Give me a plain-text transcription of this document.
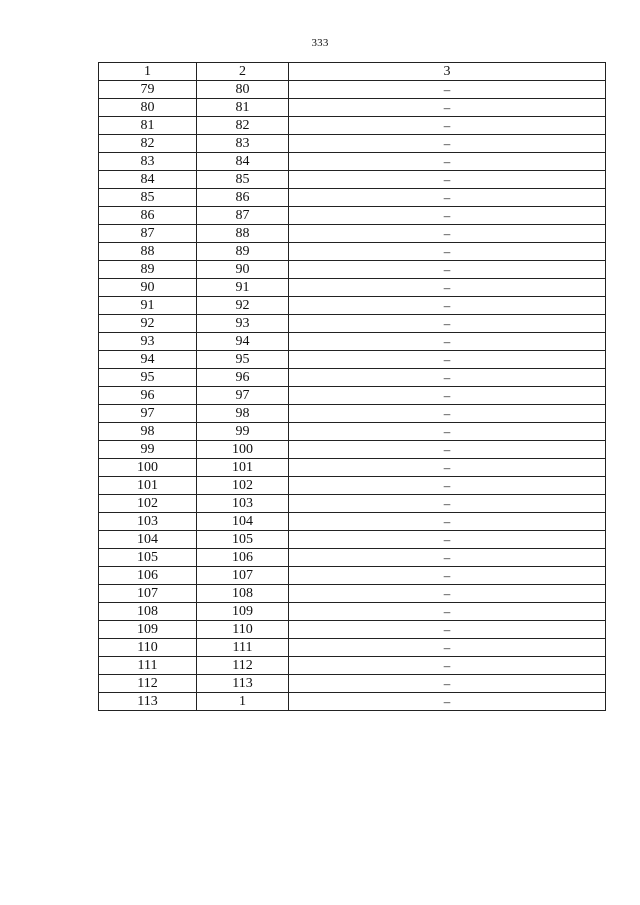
333
1	2	3
79	80	–
80	81	–
81	82	–
82	83	–
83	84	–
84	85	–
85	86	–
86	87	–
87	88	–
88	89	–
89	90	–
90	91	–
91	92	–
92	93	–
93	94	–
94	95	–
95	96	–
96	97	–
97	98	–
98	99	–
99	100	–
100	101	–
101	102	–
102	103	–
103	104	–
104	105	–
105	106	–
106	107	–
107	108	–
108	109	–
109	110	–
110	111	–
111	112	–
112	113	–
113	1	–
